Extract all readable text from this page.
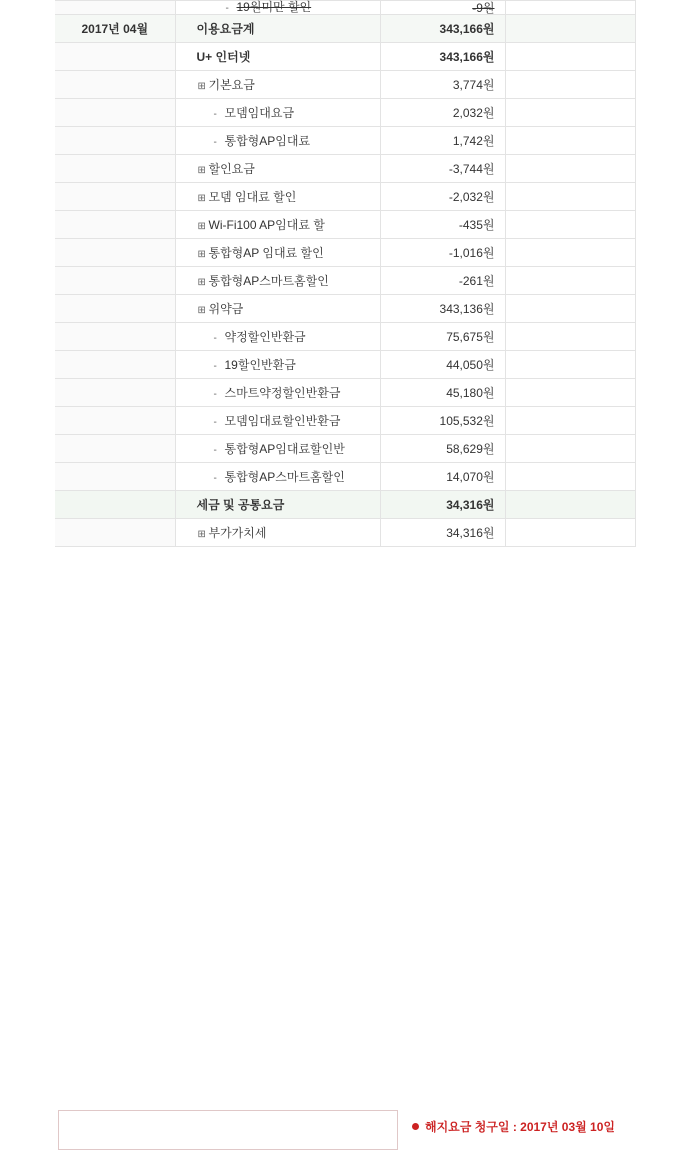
	- 19원미만 할인	-9원	
2017년 04월	이용요금계	343,166원	
	U+ 인터넷	343,166원	
	⊞ 기본요금	3,774원	
	- 모뎀임대요금	2,032원	
	- 통합형AP임대료	1,742원	
	⊞ 할인요금	-3,744원	
	⊞ 모뎀 임대료 할인	-2,032원	
	⊞ Wi-Fi100 AP임대료 할	-435원	
	⊞ 통합형AP 임대료 할인	-1,016원	
	⊞ 통합형AP스마트홈할인	-261원	
	⊞ 위약금	343,136원	
	- 약정할인반환금	75,675원	
	- 19할인반환금	44,050원	
	- 스마트약정할인반환금	45,180원	
	- 모뎀임대료할인반환금	105,532원	
	- 통합형AP임대료할인반	58,629원	
	- 통합형AP스마트홈할인	14,070원	
	세금 및 공통요금	34,316원	
	⊞ 부가가치세	34,316원	
해지요금 청구일 : 2017년 03월 10일
